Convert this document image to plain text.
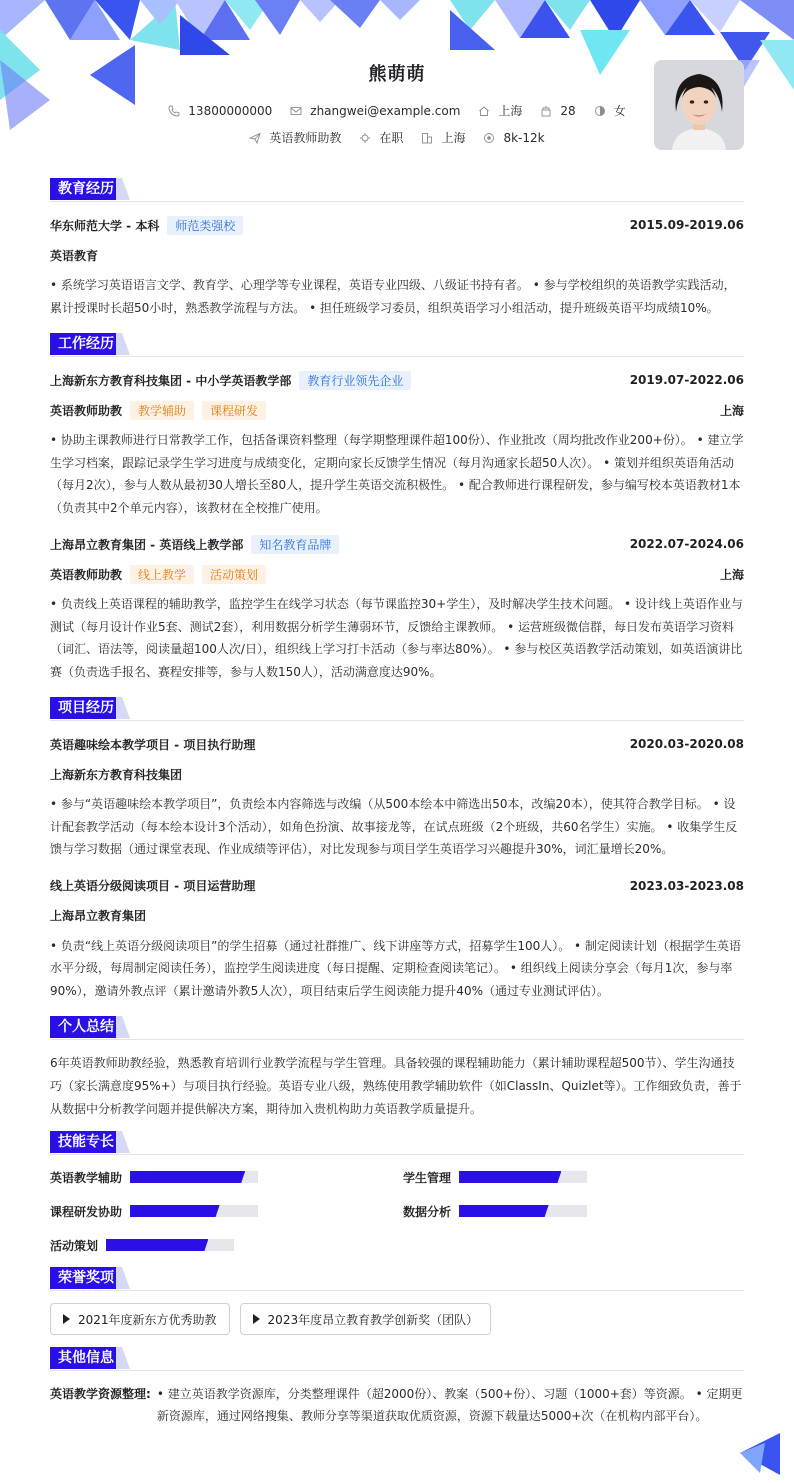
熊萌萌
13800000000	zhangwei@example.com	上海	28	女
英语教师助教	在职	上海	8k-12k
教育经历
华东师范大学 - 本科	师范类强校	2015.09-2019.06
英语教育
• 系统学习英语语言文学、教育学、心理学等专业课程，英语专业四级、八级证书持有者。 • 参与学校组织的英语教学实践活动，累计授课时长超50小时，熟悉教学流程与方法。 • 担任班级学习委员，组织英语学习小组活动，提升班级英语平均成绩10%。
工作经历
上海新东方教育科技集团 - 中小学英语教学部	教育行业领先企业	2019.07-2022.06
英语教师助教	教学辅助	课程研发	上海
• 协助主课教师进行日常教学工作，包括备课资料整理（每学期整理课件超100份）、作业批改（周均批改作业200+份）。 • 建立学生学习档案，跟踪记录学生学习进度与成绩变化，定期向家长反馈学生情况（每月沟通家长超50人次）。 • 策划并组织英语角活动（每月2次），参与人数从最初30人增长至80人，提升学生英语交流积极性。 • 配合教师进行课程研发，参与编写校本英语教材1本（负责其中2个单元内容），该教材在全校推广使用。
上海昂立教育集团 - 英语线上教学部	知名教育品牌	2022.07-2024.06
英语教师助教	线上教学	活动策划	上海
• 负责线上英语课程的辅助教学，监控学生在线学习状态（每节课监控30+学生），及时解决学生技术问题。 • 设计线上英语作业与测试（每月设计作业5套、测试2套），利用数据分析学生薄弱环节，反馈给主课教师。 • 运营班级微信群，每日发布英语学习资料（词汇、语法等，阅读量超100人次/日），组织线上学习打卡活动（参与率达80%）。 • 参与校区英语教学活动策划，如英语演讲比赛（负责选手报名、赛程安排等，参与人数150人），活动满意度达90%。
项目经历
英语趣味绘本教学项目 - 项目执行助理	2020.03-2020.08
上海新东方教育科技集团
• 参与“英语趣味绘本教学项目”，负责绘本内容筛选与改编（从500本绘本中筛选出50本，改编20本），使其符合教学目标。 • 设计配套教学活动（每本绘本设计3个活动），如角色扮演、故事接龙等，在试点班级（2个班级，共60名学生）实施。 • 收集学生反馈与学习数据（通过课堂表现、作业成绩等评估），对比发现参与项目学生英语学习兴趣提升30%，词汇量增长20%。
线上英语分级阅读项目 - 项目运营助理	2023.03-2023.08
上海昂立教育集团
• 负责“线上英语分级阅读项目”的学生招募（通过社群推广、线下讲座等方式，招募学生100人）。 • 制定阅读计划（根据学生英语水平分级，每周制定阅读任务），监控学生阅读进度（每日提醒、定期检查阅读笔记）。 • 组织线上阅读分享会（每月1次，参与率90%），邀请外教点评（累计邀请外教5人次），项目结束后学生阅读能力提升40%（通过专业测试评估）。
个人总结
6年英语教师助教经验，熟悉教育培训行业教学流程与学生管理。具备较强的课程辅助能力（累计辅助课程超500节）、学生沟通技巧（家长满意度95%+）与项目执行经验。英语专业八级，熟练使用教学辅助软件（如ClassIn、Quizlet等）。工作细致负责，善于从数据中分析教学问题并提供解决方案，期待加入贵机构助力英语教学质量提升。
技能专长
英语教学辅助	学生管理
课程研发协助	数据分析
活动策划
荣誉奖项
2021年度新东方优秀助教	2023年度昂立教育教学创新奖（团队）
其他信息
英语教学资源整理: • 建立英语教学资源库，分类整理课件（超2000份）、教案（500+份）、习题（1000+套）等资源。 • 定期更新资源库，通过网络搜集、教师分享等渠道获取优质资源，资源下载量达5000+次（在机构内部平台）。
